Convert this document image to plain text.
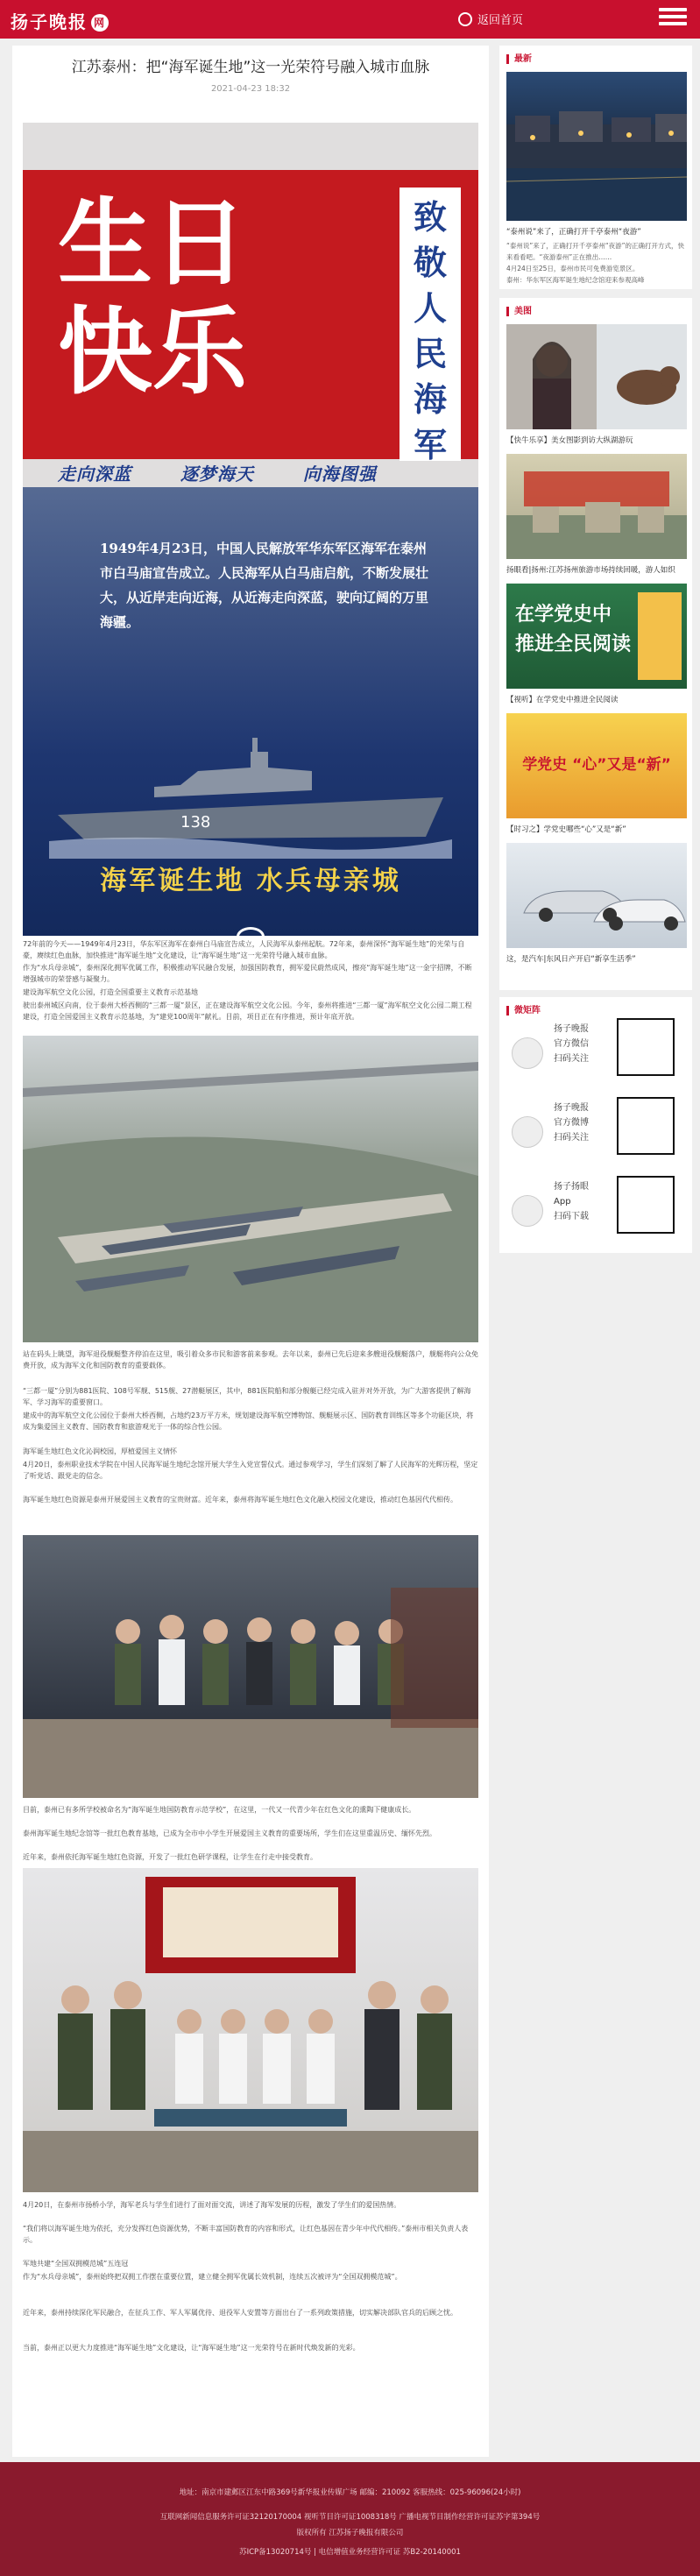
扬子晚报 网	返回首页
江苏泰州：把“海军诞生地”这一光荣符号融入城市血脉
2021-04-23 18:32
生日
快乐
致敬人民海军
走向深蓝	逐梦海天	向海图强
1949年4月23日，中国人民解放军华东军区海军在泰州市白马庙宣告成立。人民海军从白马庙启航，不断发展壮大，从近岸走向近海，从近海走向深蓝，驶向辽阔的万里海疆。
138
海军诞生地 水兵母亲城
72年前的今天——1949年4月23日，华东军区海军在泰州白马庙宣告成立，人民海军从泰州起航。72年来，泰州深怀“海军诞生地”的光荣与自豪，赓续红色血脉，加快推进“海军诞生地”文化建设，让“海军诞生地”这一光荣符号融入城市血脉。
作为“水兵母亲城”，泰州深化拥军优属工作，积极推动军民融合发展，加强国防教育，拥军爱民蔚然成风，擦亮“海军诞生地”这一金字招牌，不断增强城市的荣誉感与凝聚力。
建设海军航空文化公园，打造全国重要主义教育示范基地
驶出泰州城区向南，位于泰州大桥西侧的“三都一厦”景区，正在建设海军航空文化公园。今年，泰州将推进“三都一厦”海军航空文化公园二期工程建设，打造全国爱国主义教育示范基地，为“建党100周年”献礼。目前，项目正在有序推进，预计年底开放。
站在码头上眺望，海军退役舰艇整齐停泊在这里，吸引着众多市民和游客前来参观。去年以来，泰州已先后迎来多艘退役舰艇落户，舰艇将向公众免费开放，成为海军文化和国防教育的重要载体。
“三都一厦”分别为881医院、108号军舰、515舰、27潜艇展区，其中，881医院船和部分舰艇已经完成入驻并对外开放，为广大游客提供了解海军、学习海军的重要窗口。
建成中的海军航空文化公园位于泰州大桥西侧，占地约23万平方米，规划建设海军航空博物馆、舰艇展示区、国防教育训练区等多个功能区块，将成为集爱国主义教育、国防教育和旅游观光于一体的综合性公园。
海军诞生地红色文化沁润校园，厚植爱国主义情怀
4月20日，泰州职业技术学院在中国人民海军诞生地纪念馆开展大学生入党宣誓仪式。通过参观学习，学生们深刻了解了人民海军的光辉历程，坚定了听党话、跟党走的信念。
海军诞生地红色资源是泰州开展爱国主义教育的宝贵财富。近年来，泰州将海军诞生地红色文化融入校园文化建设，推动红色基因代代相传。
目前，泰州已有多所学校被命名为“海军诞生地国防教育示范学校”，在这里，一代又一代青少年在红色文化的熏陶下健康成长。
泰州海军诞生地纪念馆等一批红色教育基地，已成为全市中小学生开展爱国主义教育的重要场所，学生们在这里重温历史、缅怀先烈。
近年来，泰州依托海军诞生地红色资源，开发了一批红色研学课程，让学生在行走中接受教育。
4月20日，在泰州市扬桥小学，海军老兵与学生们进行了面对面交流，讲述了海军发展的历程，激发了学生们的爱国热情。
“我们将以海军诞生地为依托，充分发挥红色资源优势，不断丰富国防教育的内容和形式，让红色基因在青少年中代代相传。”泰州市相关负责人表示。
军地共建“全国双拥模范城”五连冠
作为“水兵母亲城”，泰州始终把双拥工作摆在重要位置，建立健全拥军优属长效机制，连续五次被评为“全国双拥模范城”。
近年来，泰州持续深化军民融合，在征兵工作、军人军属优待、退役军人安置等方面出台了一系列政策措施，切实解决部队官兵的后顾之忧。
当前，泰州正以更大力度推进“海军诞生地”文化建设，让“海军诞生地”这一光荣符号在新时代焕发新的光彩。
最新
“泰州说”来了，正确打开千亭泰州“夜游”
“泰州说”来了，正确打开千亭泰州“夜游”的正确打开方式，快来看看吧。“夜游泰州”正在推出……
4月24日至25日，泰州市民可免费游览景区。
泰州：华东军区海军诞生地纪念馆迎来参观高峰
美图
【快牛乐享】美女图影到访大纵湖游玩
扬眼看|扬州:江苏扬州旅游市场持续回暖，游人如织
在学党史中
推进全民阅读
【视听】在学党史中推进全民阅读
学党史 “心”又是“新”
【时习之】学党史哪些“心”又是“新”
这，是汽车|东风日产开启“新享生活季”
微矩阵
扬子晚报
官方微信
扫码关注
扬子晚报
官方微博
扫码关注
扬子扬眼
App
扫码下载
地址：南京市建邺区江东中路369号新华报业传媒广场 邮编：210092 客服热线：025-96096(24小时)
互联网新闻信息服务许可证32120170004 视听节目许可证1008318号 广播电视节目制作经营许可证苏字第394号
版权所有 江苏扬子晚报有限公司
苏ICP备13020714号 | 电信增值业务经营许可证 苏B2-20140001
